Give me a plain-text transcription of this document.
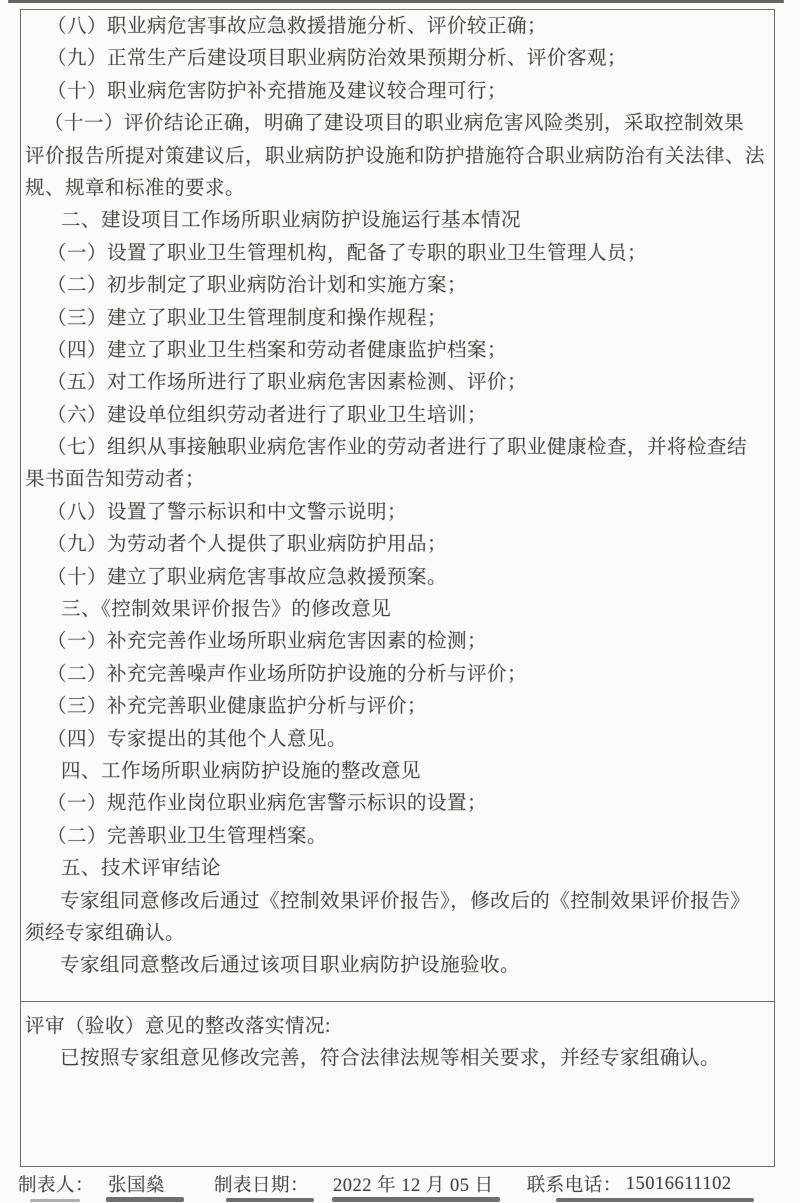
（八）职业病危害事故应急救援措施分析、评价较正确；
（九）正常生产后建设项目职业病防治效果预期分析、评价客观；
（十）职业病危害防护补充措施及建议较合理可行；
（十一）评价结论正确，明确了建设项目的职业病危害风险类别，采取控制效果
评价报告所提对策建议后，职业病防护设施和防护措施符合职业病防治有关法律、法
规、规章和标准的要求。
二、建设项目工作场所职业病防护设施运行基本情况
（一）设置了职业卫生管理机构，配备了专职的职业卫生管理人员；
（二）初步制定了职业病防治计划和实施方案；
（三）建立了职业卫生管理制度和操作规程；
（四）建立了职业卫生档案和劳动者健康监护档案；
（五）对工作场所进行了职业病危害因素检测、评价；
（六）建设单位组织劳动者进行了职业卫生培训；
（七）组织从事接触职业病危害作业的劳动者进行了职业健康检查，并将检查结
果书面告知劳动者；
（八）设置了警示标识和中文警示说明；
（九）为劳动者个人提供了职业病防护用品；
（十）建立了职业病危害事故应急救援预案。
三、《控制效果评价报告》的修改意见
（一）补充完善作业场所职业病危害因素的检测；
（二）补充完善噪声作业场所防护设施的分析与评价；
（三）补充完善职业健康监护分析与评价；
（四）专家提出的其他个人意见。
四、工作场所职业病防护设施的整改意见
（一）规范作业岗位职业病危害警示标识的设置；
（二）完善职业卫生管理档案。
五、技术评审结论
专家组同意修改后通过《控制效果评价报告》，修改后的《控制效果评价报告》
须经专家组确认。
专家组同意整改后通过该项目职业病防护设施验收。
评审（验收）意见的整改落实情况:
已按照专家组意见修改完善，符合法律法规等相关要求，并经专家组确认。
制表人： 张国燊	制表日期： 2022 年 12 月 05 日 联系电话： 15016611102
